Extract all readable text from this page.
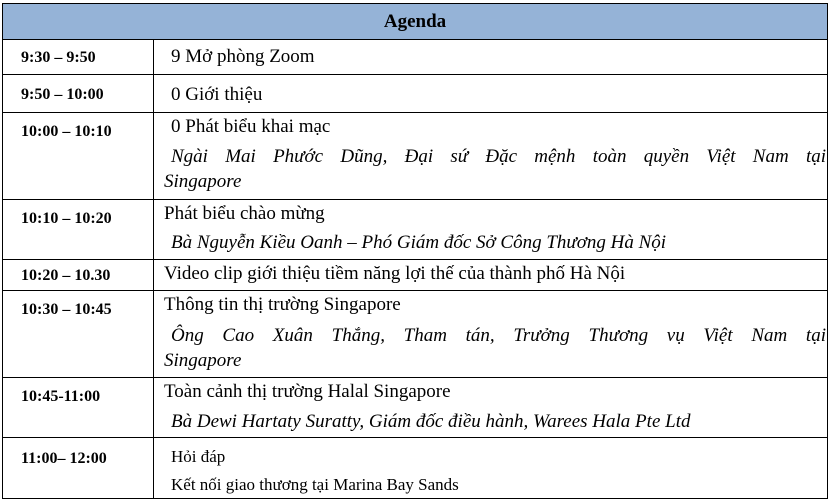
Agenda
9:30 – 9:50	9 Mở phòng Zoom
9:50 – 10:00	0 Giới thiệu
10:00 – 10:10	0 Phát biểu khai mạc
Ngài Mai Phước Dũng, Đại sứ Đặc mệnh toàn quyền Việt Nam tại
Singapore
10:10 – 10:20	Phát biểu chào mừng
Bà Nguyễn Kiều Oanh – Phó Giám đốc Sở Công Thương Hà Nội
10:20 – 10.30	Video clip giới thiệu tiềm năng lợi thế của thành phố Hà Nội
10:30 – 10:45	Thông tin thị trường Singapore
Ông Cao Xuân Thắng, Tham tán, Trưởng Thương vụ Việt Nam tại
Singapore
10:45-11:00	Toàn cảnh thị trường Halal Singapore
Bà Dewi Hartaty Suratty, Giám đốc điều hành, Warees Hala Pte Ltd
11:00– 12:00	Hỏi đáp
Kết nối giao thương tại Marina Bay Sands
